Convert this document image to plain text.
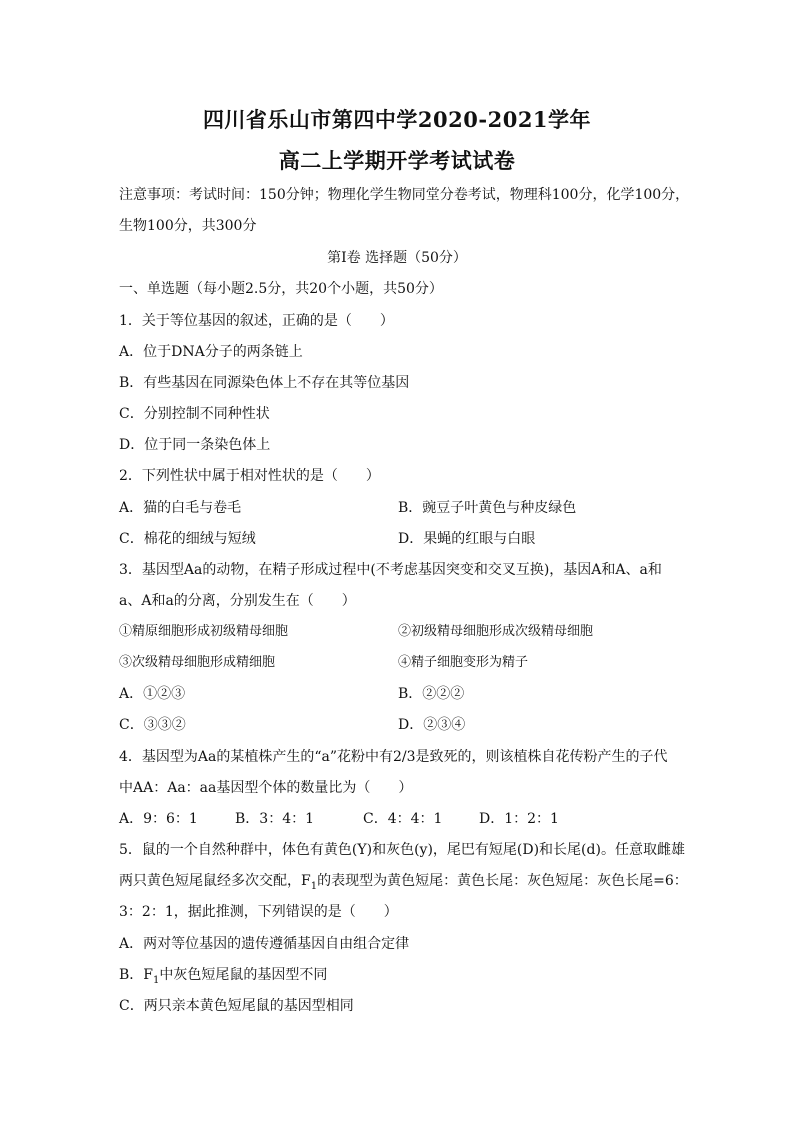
四川省乐山市第四中学2020-2021学年
高二上学期开学考试试卷
注意事项：考试时间：150分钟；物理化学生物同堂分卷考试，物理科100分，化学100分，
生物100分，共300分
第Ⅰ卷 选择题（50分）
一、单选题（每小题2.5分，共20个小题，共50分）
1．关于等位基因的叙述，正确的是（　　）
A．位于DNA分子的两条链上
B．有些基因在同源染色体上不存在其等位基因
C．分别控制不同种性状
D．位于同一条染色体上
2．下列性状中属于相对性状的是（　　）
A．猫的白毛与卷毛	B．豌豆子叶黄色与种皮绿色
C．棉花的细绒与短绒	D．果蝇的红眼与白眼
3．基因型Aa的动物，在精子形成过程中(不考虑基因突变和交叉互换)，基因A和A、a和
a、A和a的分离，分别发生在（　　）
①精原细胞形成初级精母细胞	②初级精母细胞形成次级精母细胞
③次级精母细胞形成精细胞	④精子细胞变形为精子
A．①②③	B．②②②
C．③③②	D．②③④
4．基因型为Aa的某植株产生的“a”花粉中有2/3是致死的，则该植株自花传粉产生的子代
中AA：Aa：aa基因型个体的数量比为（　　）
A．9：6：1	B．3：4：1	C．4：4：1	D．1：2：1
5．鼠的一个自然种群中，体色有黄色(Y)和灰色(y)，尾巴有短尾(D)和长尾(d)。任意取雌雄
两只黄色短尾鼠经多次交配，$F_1$的表现型为黄色短尾：黄色长尾：灰色短尾：灰色长尾=6：
3：2：1，据此推测，下列错误的是（　　）
A．两对等位基因的遗传遵循基因自由组合定律
B．$F_1$中灰色短尾鼠的基因型不同
C．两只亲本黄色短尾鼠的基因型相同
